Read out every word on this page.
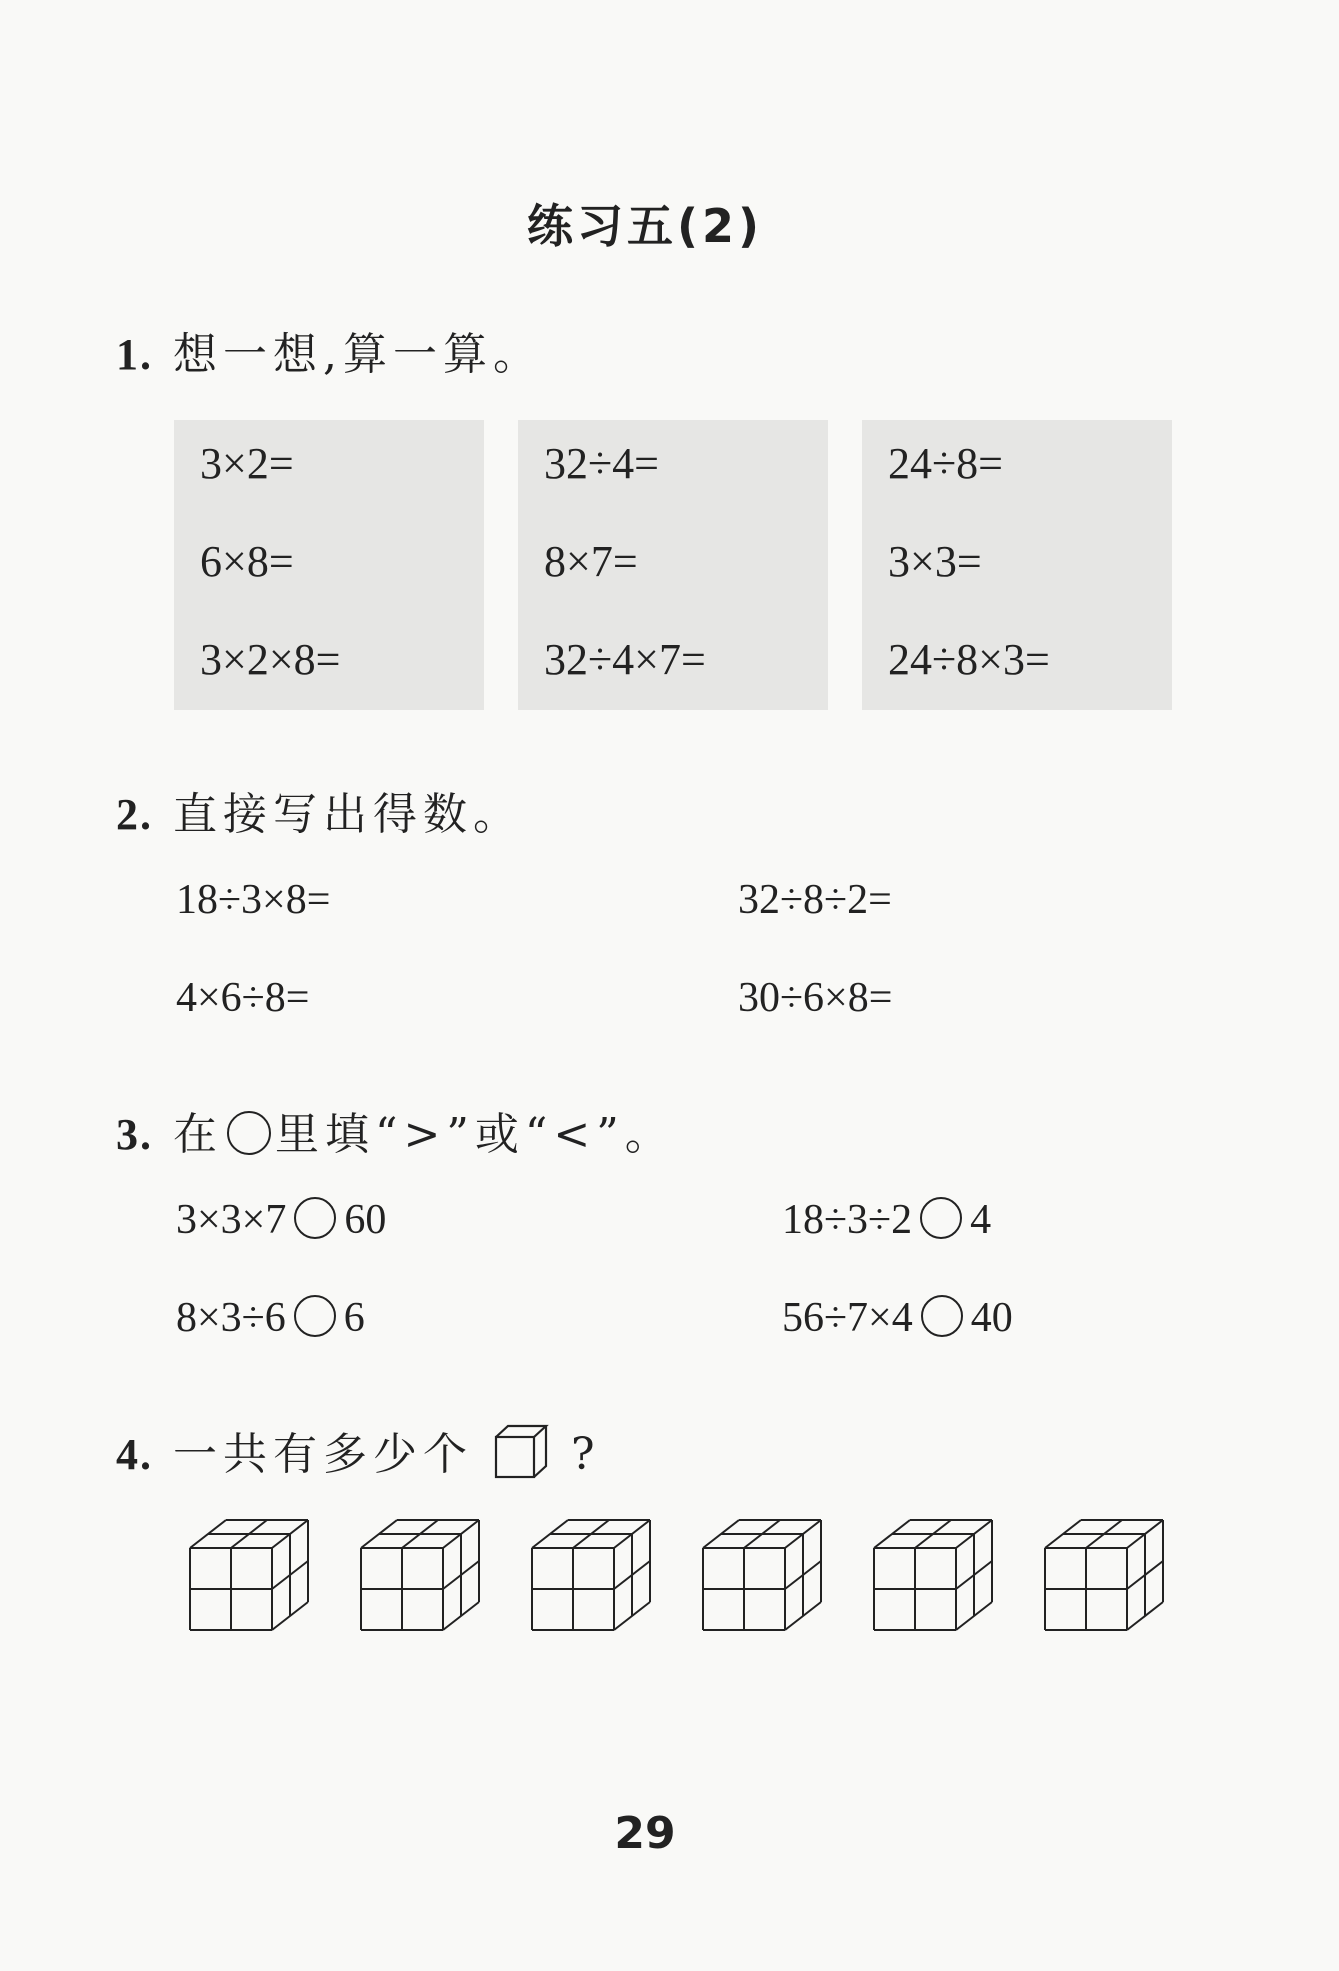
练习五(2)
1. 想一想,算一算。
3×2=
6×8=
3×2×8=
32÷4=
8×7=
32÷4×7=
24÷8=
3×3=
24÷8×3=
2. 直接写出得数。
18÷3×8=	32÷8÷2=
4×6÷8=	30÷6×8=
3. 在 里填“>”或“<”。
3×3×7 60	18÷3÷2 4
8×3÷6 6	56÷7×4 40
4. 一共有多少个 ?
29
